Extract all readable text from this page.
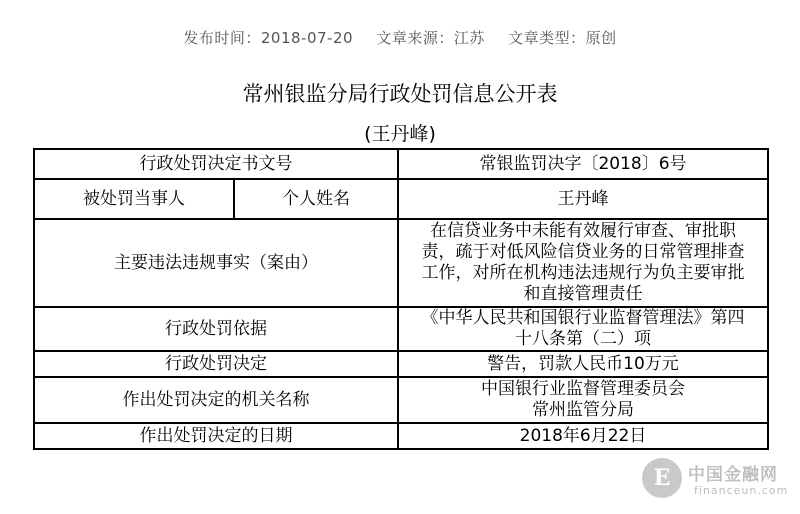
发布时间：2018-07-20 文章来源：江苏 文章类型：原创
常州银监分局行政处罚信息公开表
(王丹峰)
行政处罚决定书文号		常银监罚决字〔2018〕6号
被处罚当事人	个人姓名	王丹峰
主要违法违规事实（案由）		在信贷业务中未能有效履行审查、审批职
责，疏于对低风险信贷业务的日常管理排查
工作，对所在机构违法违规行为负主要审批
和直接管理责任

行政处罚依据		《中华人民共和国银行业监督管理法》第四
十八条第（二）项

行政处罚决定		警告，罚款人民币10万元
作出处罚决定的机关名称		中国银行业监督管理委员会
常州监管分局

作出处罚决定的日期		2018年6月22日
E	中国金融网
financeun.com
